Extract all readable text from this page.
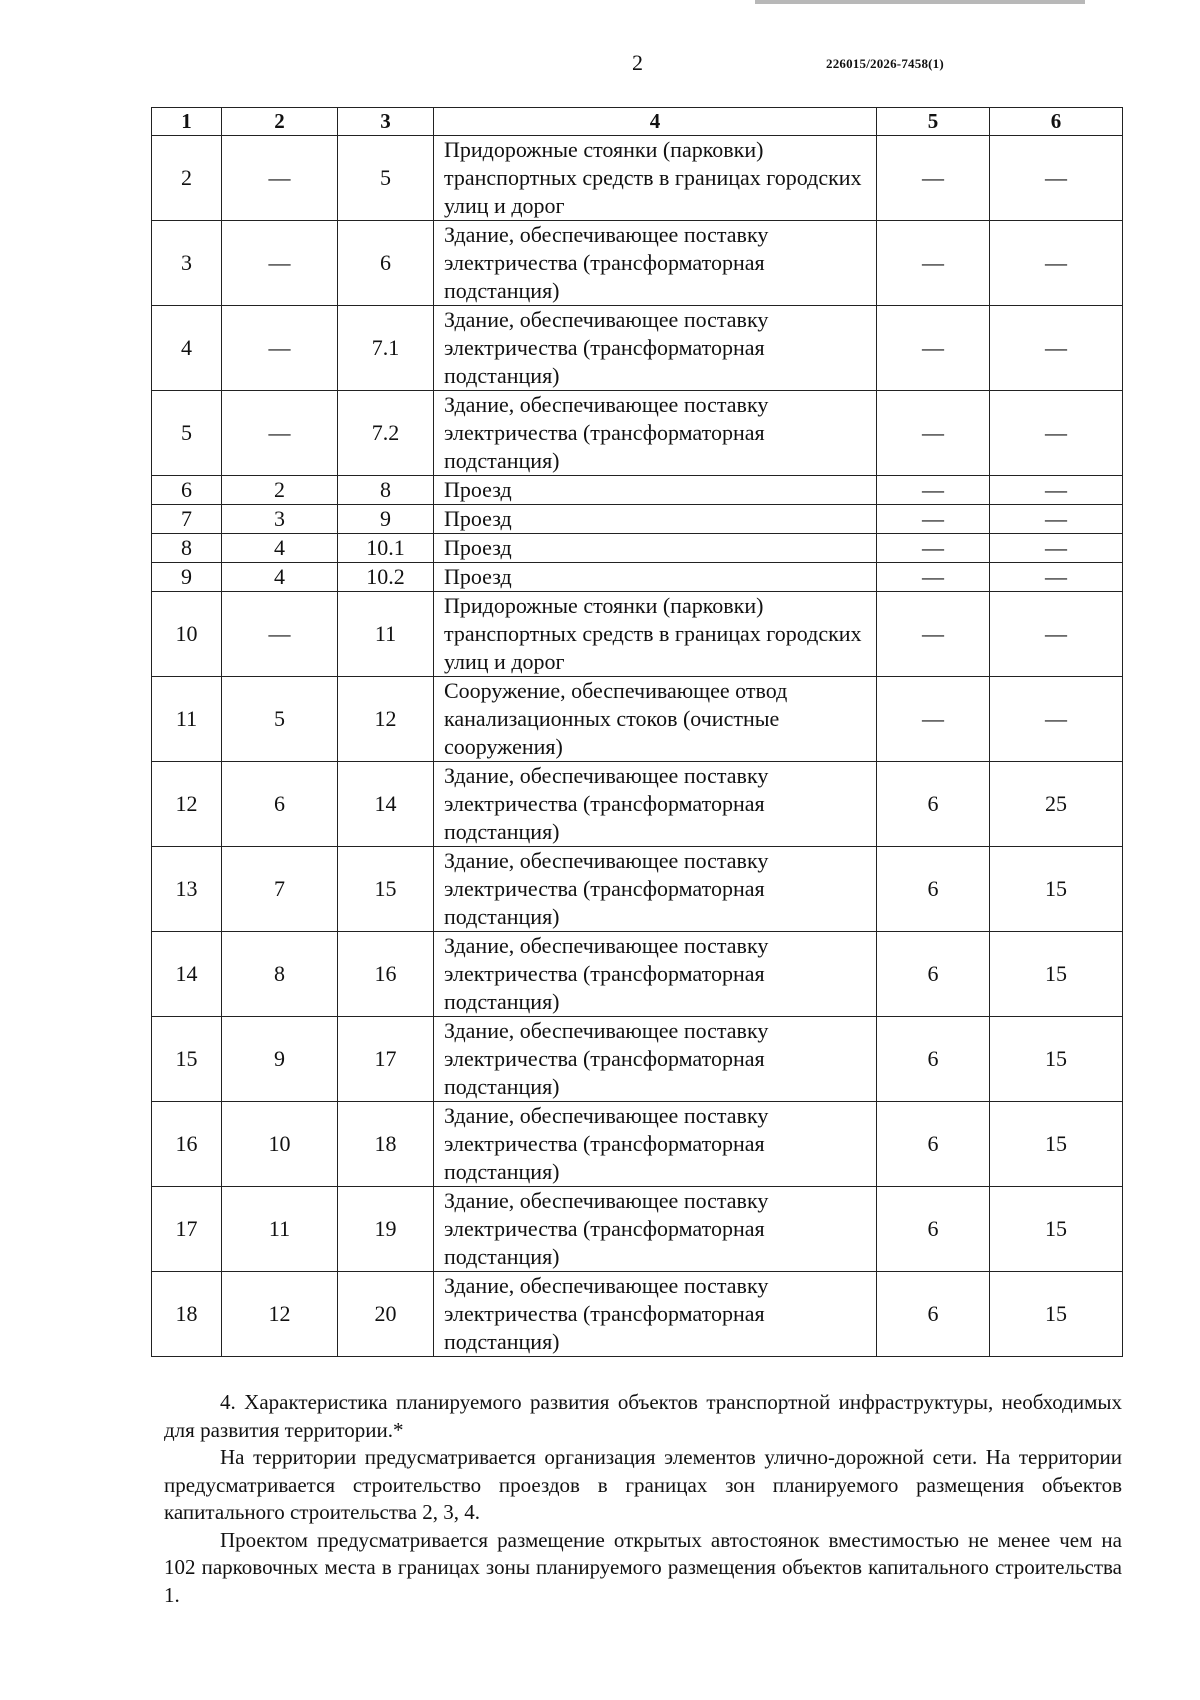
2	226015/2026-7458(1)
1	2	3	4	5	6
2	—	5	Придорожные стоянки (парковки) транспортных средств в границах городских улиц и дорог	—	—
3	—	6	Здание, обеспечивающее поставку электричества (трансформаторная подстанция)	—	—
4	—	7.1	Здание, обеспечивающее поставку электричества (трансформаторная подстанция)	—	—
5	—	7.2	Здание, обеспечивающее поставку электричества (трансформаторная подстанция)	—	—
6	2	8	Проезд	—	—
7	3	9	Проезд	—	—
8	4	10.1	Проезд	—	—
9	4	10.2	Проезд	—	—
10	—	11	Придорожные стоянки (парковки) транспортных средств в границах городских улиц и дорог	—	—
11	5	12	Сооружение, обеспечивающее отвод канализационных стоков (очистные сооружения)	—	—
12	6	14	Здание, обеспечивающее поставку электричества (трансформаторная подстанция)	6	25
13	7	15	Здание, обеспечивающее поставку электричества (трансформаторная подстанция)	6	15
14	8	16	Здание, обеспечивающее поставку электричества (трансформаторная подстанция)	6	15
15	9	17	Здание, обеспечивающее поставку электричества (трансформаторная подстанция)	6	15
16	10	18	Здание, обеспечивающее поставку электричества (трансформаторная подстанция)	6	15
17	11	19	Здание, обеспечивающее поставку электричества (трансформаторная подстанция)	6	15
18	12	20	Здание, обеспечивающее поставку электричества (трансформаторная подстанция)	6	15

4. Характеристика планируемого развития объектов транспортной инфраструктуры, необходимых для развития территории.*

На территории предусматривается организация элементов улично-дорожной сети. На территории предусматривается строительство проездов в границах зон планируемого размещения объектов капитального строительства 2, 3, 4.

Проектом предусматривается размещение открытых автостоянок вместимостью не менее чем на 102 парковочных места в границах зоны планируемого размещения объектов капитального строительства 1.
